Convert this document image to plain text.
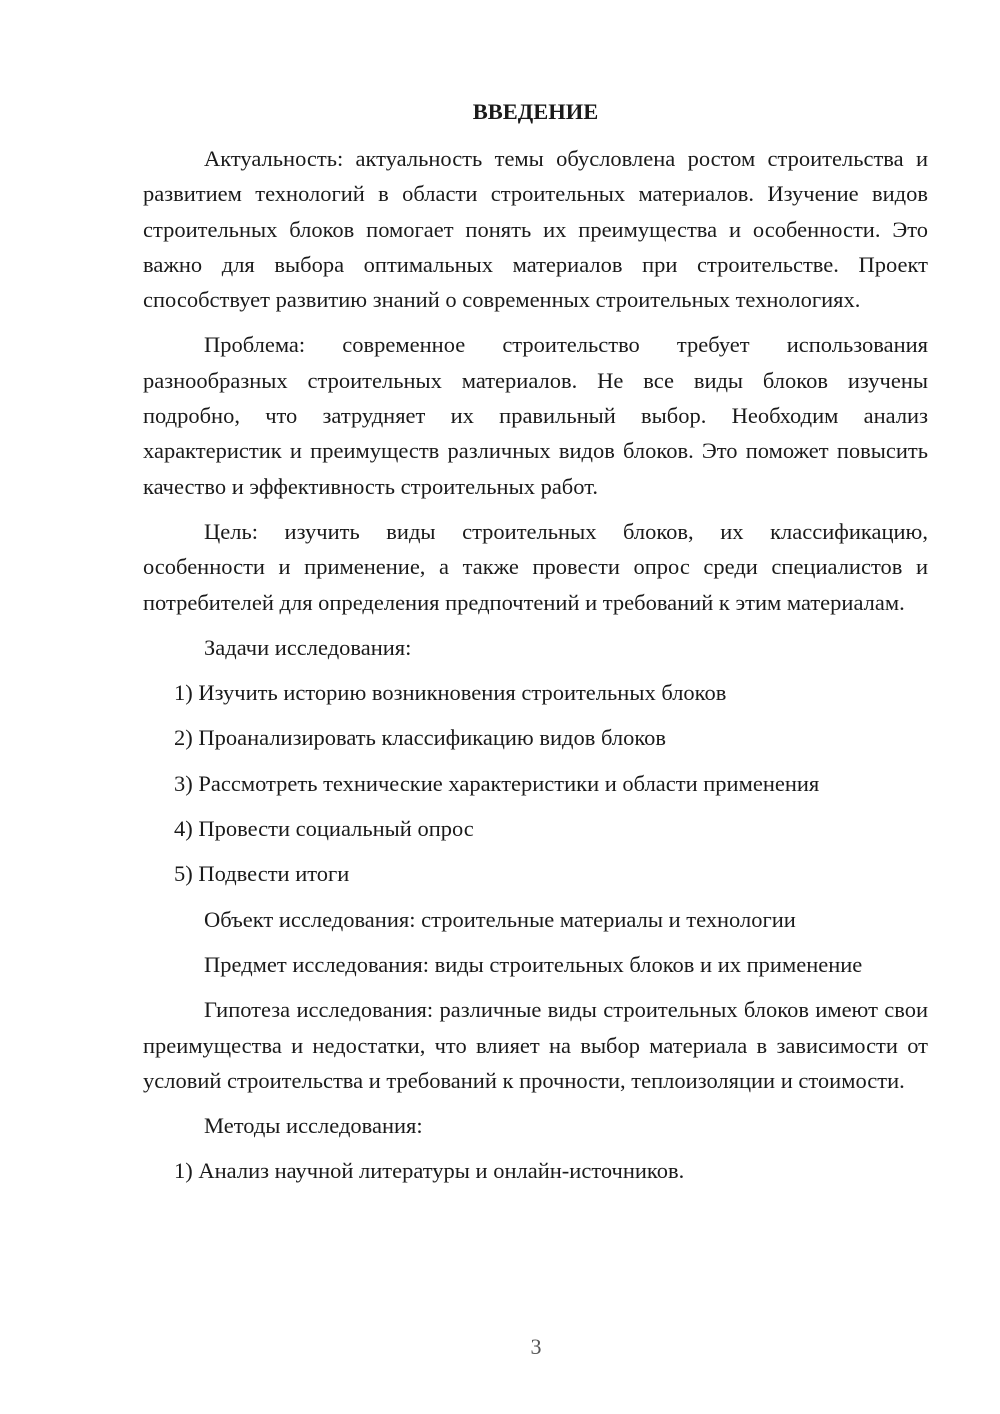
ВВЕДЕНИЕ

Актуальность: актуальность темы обусловлена ростом строительства и развитием технологий в области строительных материалов. Изучение видов строительных блоков помогает понять их преимущества и особенности. Это важно для выбора оптимальных материалов при строительстве. Проект способствует развитию знаний о современных строительных технологиях.

Проблема: современное строительство требует использования разнообразных строительных материалов. Не все виды блоков изучены подробно, что затрудняет их правильный выбор. Необходим анализ характеристик и преимуществ различных видов блоков. Это поможет повысить качество и эффективность строительных работ.

Цель: изучить виды строительных блоков, их классификацию, особенности и применение, а также провести опрос среди специалистов и потребителей для определения предпочтений и требований к этим материалам.

Задачи исследования:

1) Изучить историю возникновения строительных блоков

2) Проанализировать классификацию видов блоков

3) Рассмотреть технические характеристики и области применения

4) Провести социальный опрос

5) Подвести итоги

Объект исследования: строительные материалы и технологии

Предмет исследования: виды строительных блоков и их применение

Гипотеза исследования: различные виды строительных блоков имеют свои преимущества и недостатки, что влияет на выбор материала в зависимости от условий строительства и требований к прочности, теплоизоляции и стоимости.

Методы исследования:

1) Анализ научной литературы и онлайн-источников.

3
